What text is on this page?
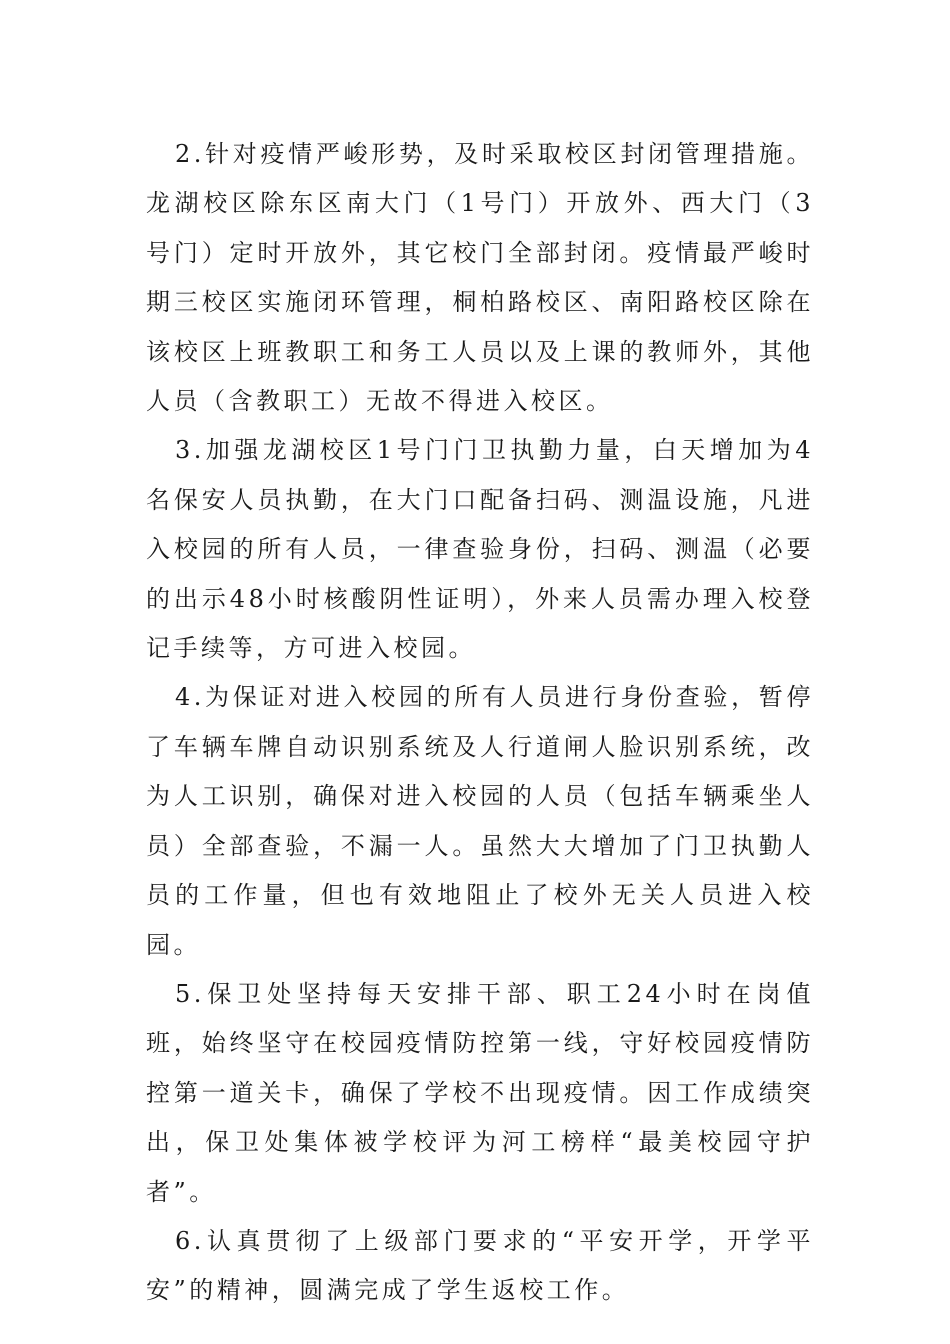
2.针对疫情严峻形势，及时采取校区封闭管理措施。龙湖校区除东区南大门（1号门）开放外、西大门（3号门）定时开放外，其它校门全部封闭。疫情最严峻时期三校区实施闭环管理，桐柏路校区、南阳路校区除在该校区上班教职工和务工人员以及上课的教师外，其他人员（含教职工）无故不得进入校区。

3.加强龙湖校区1号门门卫执勤力量，白天增加为4名保安人员执勤，在大门口配备扫码、测温设施，凡进入校园的所有人员，一律查验身份，扫码、测温（必要的出示48小时核酸阴性证明），外来人员需办理入校登记手续等，方可进入校园。

4.为保证对进入校园的所有人员进行身份查验，暂停了车辆车牌自动识别系统及人行道闸人脸识别系统，改为人工识别，确保对进入校园的人员（包括车辆乘坐人员）全部查验，不漏一人。虽然大大增加了门卫执勤人员的工作量，但也有效地阻止了校外无关人员进入校园。

5.保卫处坚持每天安排干部、职工24小时在岗值班，始终坚守在校园疫情防控第一线，守好校园疫情防控第一道关卡，确保了学校不出现疫情。因工作成绩突出，保卫处集体被学校评为河工榜样“最美校园守护者”。

6.认真贯彻了上级部门要求的“平安开学，开学平安”的精神，圆满完成了学生返校工作。
